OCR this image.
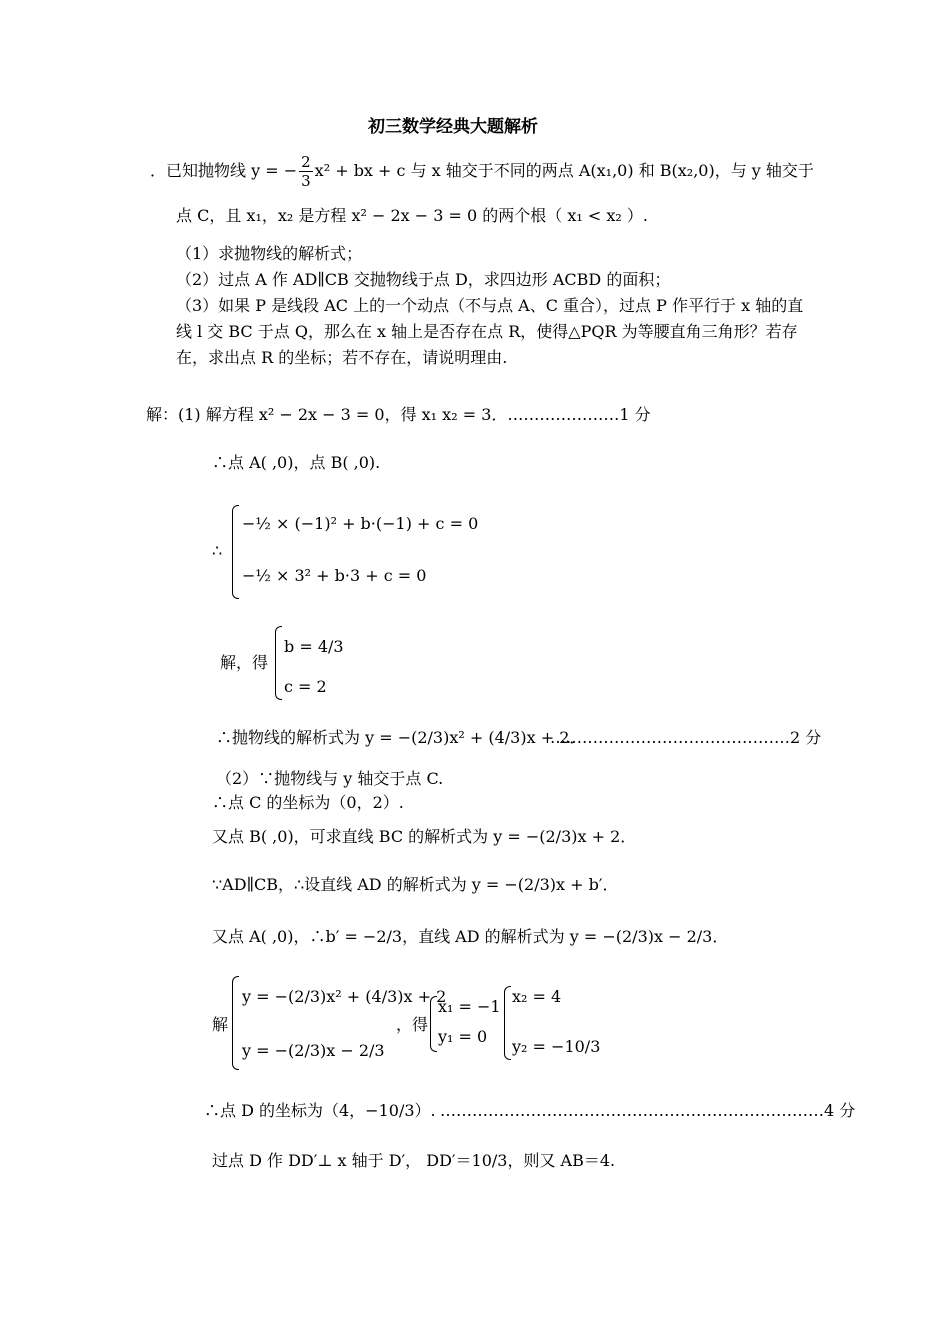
初三数学经典大题解析
．已知抛物线 y = − $\frac{2}{3} x^2$ + bx + c 与 x 轴交于不同的两点 A(x₁,0) 和 B(x₂,0)，与 y 轴交于
点 C，且 x₁，x₂ 是方程 x² − 2x − 3 = 0 的两个根（ x₁ < x₂ ）.
（1）求抛物线的解析式；
（2）过点 A 作 AD∥CB 交抛物线于点 D，求四边形 ACBD 的面积；
（3）如果 P 是线段 AC 上的一个动点（不与点 A、C 重合），过点 P 作平行于 x 轴的直
线 l 交 BC 于点 Q，那么在 x 轴上是否存在点 R，使得△PQR 为等腰直角三角形？若存
在，求出点 R 的坐标；若不存在，请说明理由.
解：(1) 解方程 x² − 2x − 3 = 0，得 x₁ x₂ = 3．…………………1 分
∴点 A( ,0)，点 B( ,0).
∴
−½ × (−1)² + b·(−1) + c = 0
−½ × 3² + b·3 + c = 0
解，得
b = 4/3
c = 2
∴抛物线的解析式为 y = −(2/3)x² + (4/3)x + 2．
………………………………………2 分
（2）∵抛物线与 y 轴交于点 C.
∴点 C 的坐标为（0，2）.
又点 B( ,0)，可求直线 BC 的解析式为 y = −(2/3)x + 2．
∵AD∥CB，∴设直线 AD 的解析式为 y = −(2/3)x + b′．
又点 A( ,0)，∴b′ = −2/3，直线 AD 的解析式为 y = −(2/3)x − 2/3．
解
y = −(2/3)x² + (4/3)x + 2
y = −(2/3)x − 2/3
，得
x₁ = −1
y₁ = 0
x₂ = 4
y₂ = −10/3
∴点 D 的坐标为（4，−10/3）. ………………………………………………………………4 分
过点 D 作 DD′⊥ x 轴于 D′， DD′＝10/3，则又 AB＝4.
